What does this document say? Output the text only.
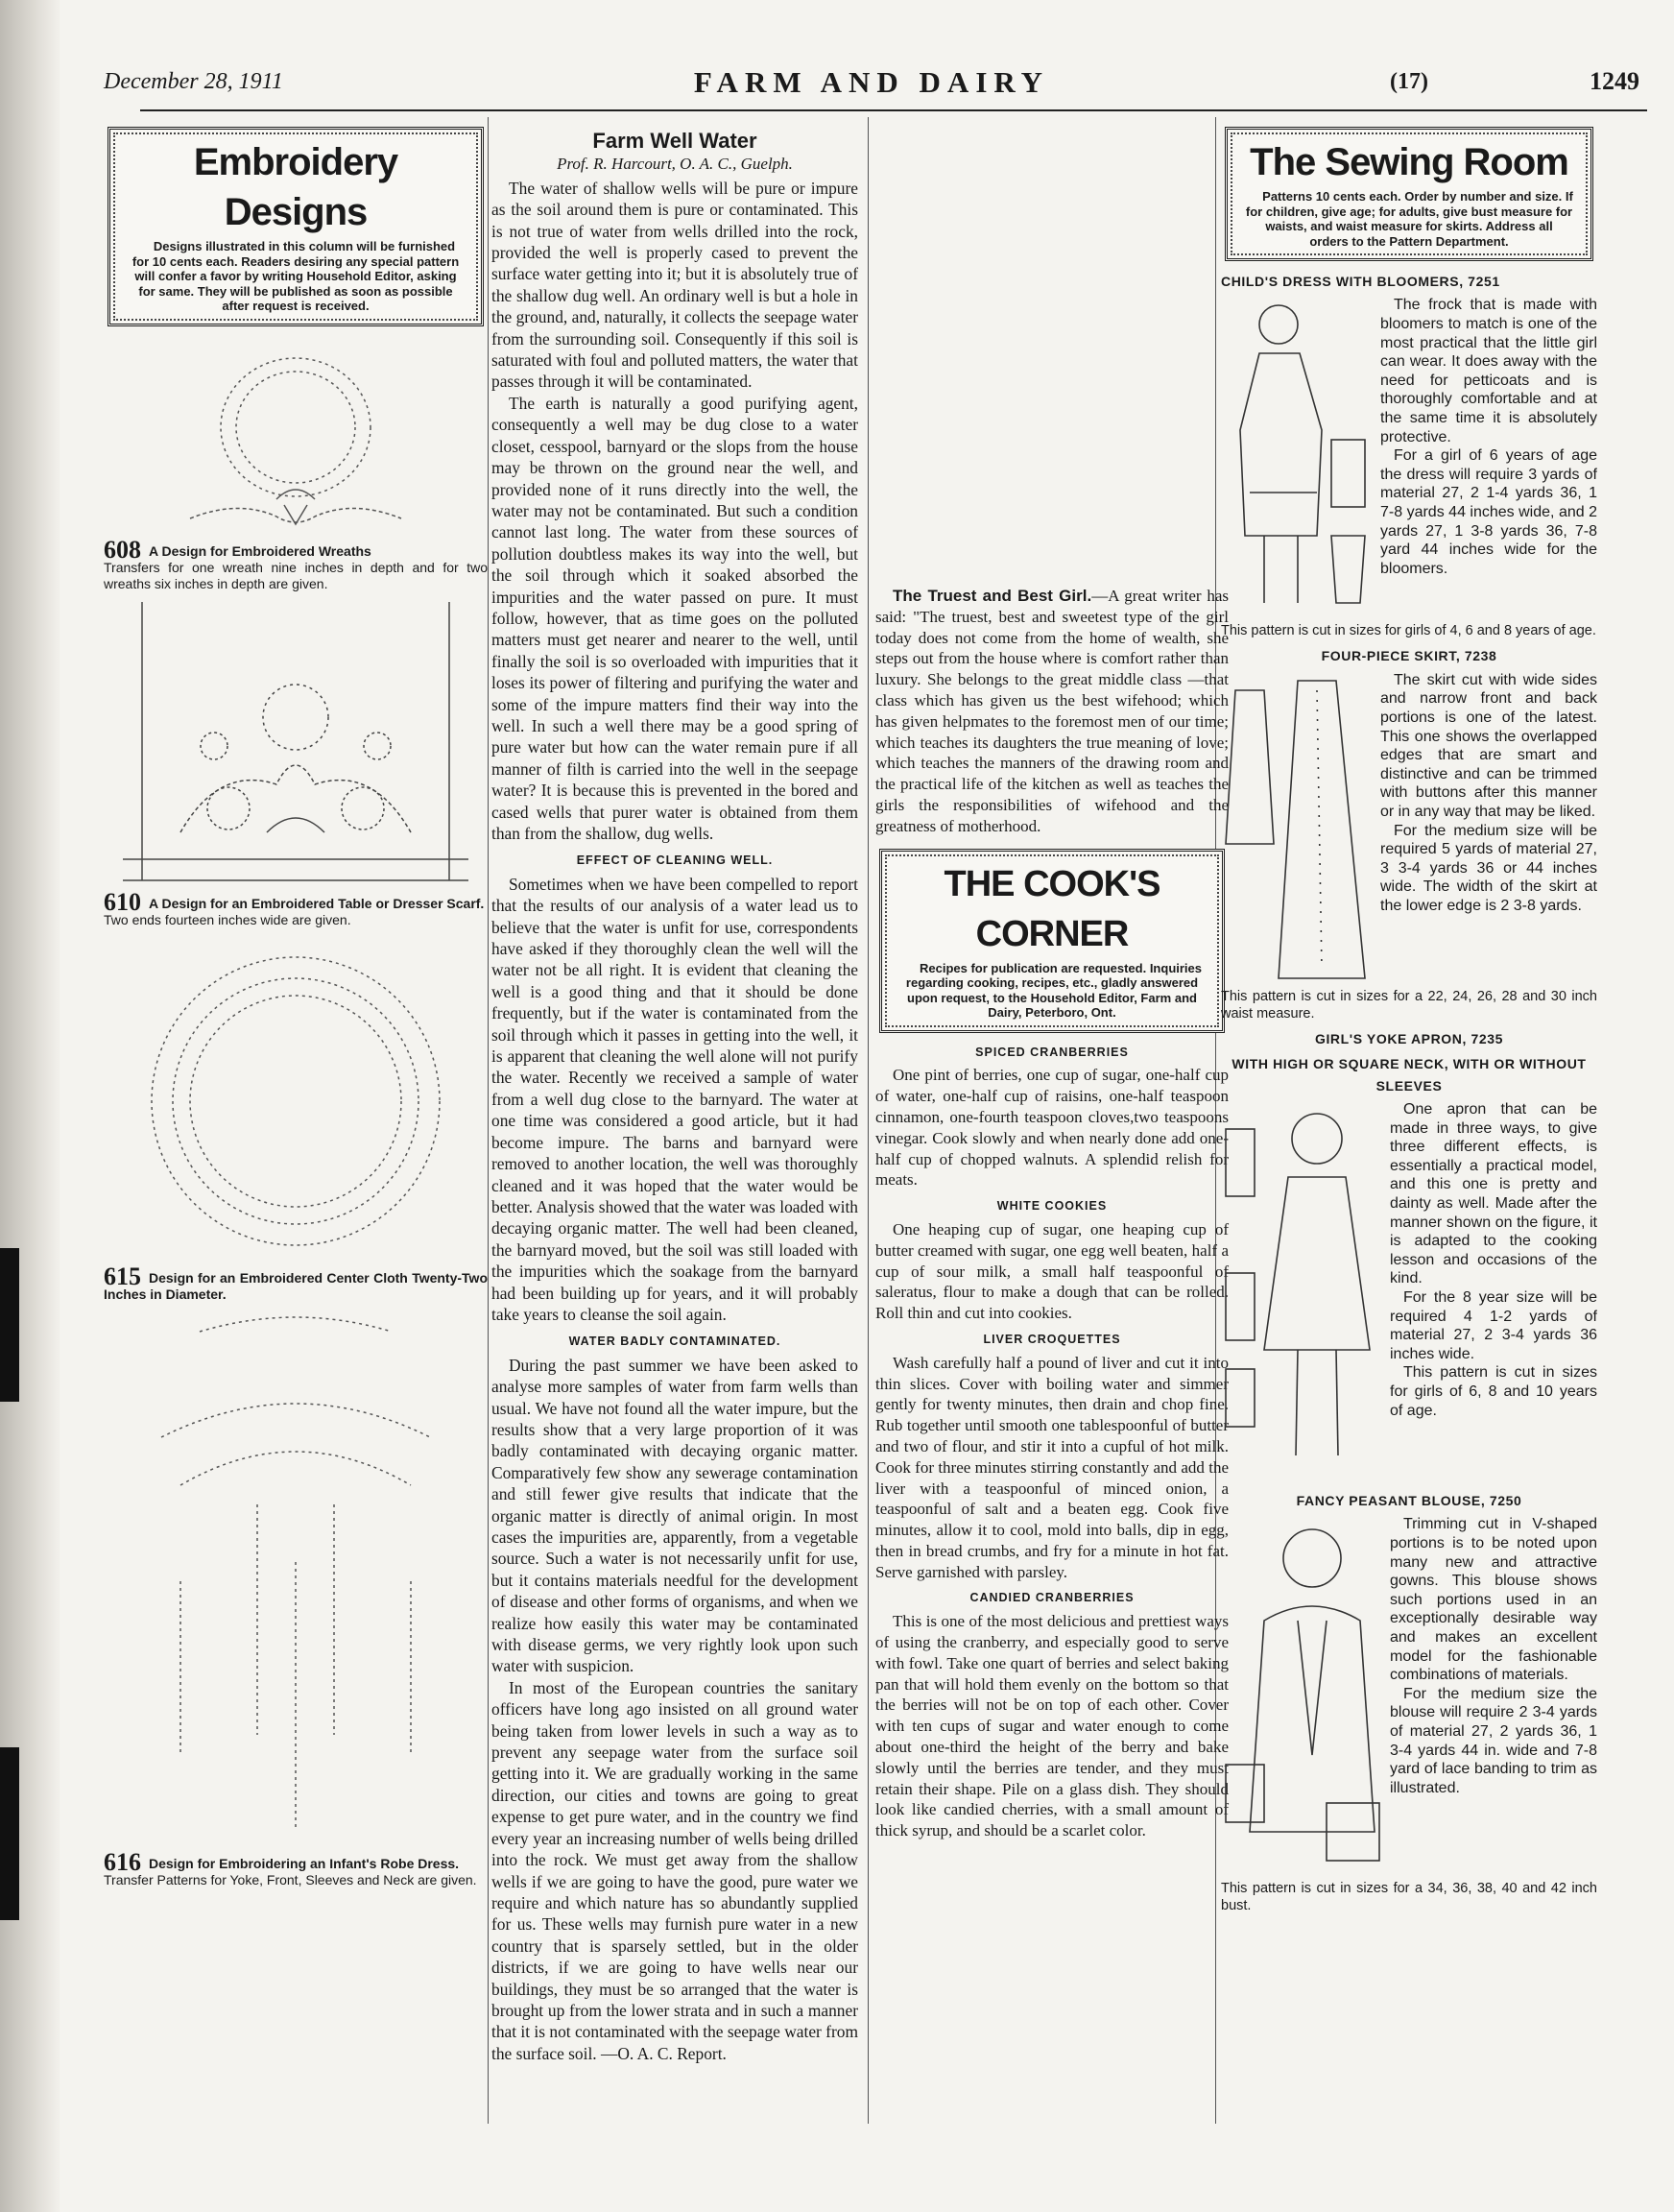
December 28, 1911	FARM AND DAIRY	(17)	1249
Embroidery Designs

Designs illustrated in this column will be furnished for 10 cents each. Readers desiring any special pattern will confer a favor by writing Household Editor, asking for same. They will be published as soon as possible after request is received.

608 A Design for Embroidered Wreaths
Transfers for one wreath nine inches in depth and for two wreaths six inches in depth are given.
610 A Design for an Embroidered Table or Dresser Scarf.
Two ends fourteen inches wide are given.
615 Design for an Embroidered Center Cloth Twenty-Two Inches in Diameter.
616 Design for Embroidering an Infant's Robe Dress.
Transfer Patterns for Yoke, Front, Sleeves and Neck are given.
Farm Well Water
Prof. R. Harcourt, O. A. C., Guelph.

The water of shallow wells will be pure or impure as the soil around them is pure or contaminated. This is not true of water from wells drilled into the rock, provided the well is properly cased to prevent the surface water getting into it; but it is absolutely true of the shallow dug well. An ordinary well is but a hole in the ground, and, naturally, it collects the seepage water from the surrounding soil. Consequently if this soil is saturated with foul and polluted matters, the water that passes through it will be contaminated.

The earth is naturally a good purifying agent, consequently a well may be dug close to a water closet, cesspool, barnyard or the slops from the house may be thrown on the ground near the well, and provided none of it runs directly into the well, the water may not be contaminated. But such a condition cannot last long. The water from these sources of pollution doubtless makes its way into the well, but the soil through which it soaked absorbed the impurities and the water passed on pure. It must follow, however, that as time goes on the polluted matters must get nearer and nearer to the well, until finally the soil is so overloaded with impurities that it loses its power of filtering and purifying the water and some of the impure matters find their way into the well. In such a well there may be a good spring of pure water but how can the water remain pure if all manner of filth is carried into the well in the seepage water? It is because this is prevented in the bored and cased wells that purer water is obtained from them than from the shallow, dug wells.

EFFECT OF CLEANING WELL.

Sometimes when we have been compelled to report that the results of our analysis of a water lead us to believe that the water is unfit for use, correspondents have asked if they thoroughly clean the well will the water not be all right. It is evident that cleaning the well is a good thing and that it should be done frequently, but if the water is contaminated from the soil through which it passes in getting into the well, it is apparent that cleaning the well alone will not purify the water. Recently we received a sample of water from a well dug close to the barnyard. The water at one time was considered a good article, but it had become impure. The barns and barnyard were removed to another location, the well was thoroughly cleaned and it was hoped that the water would be better. Analysis showed that the water was loaded with decaying organic matter. The well had been cleaned, the barnyard moved, but the soil was still loaded with the impurities which the soakage from the barnyard had been building up for years, and it will probably take years to cleanse the soil again.

WATER BADLY CONTAMINATED.

During the past summer we have been asked to analyse more samples of water from farm wells than usual. We have not found all the water impure, but the results show that a very large proportion of it was badly contaminated with decaying organic matter. Comparatively few show any sewerage contamination and still fewer give results that indicate that the organic matter is directly of animal origin. In most cases the impurities are, apparently, from a vegetable source. Such a water is not necessarily unfit for use, but it contains materials needful for the development of disease and other forms of organisms, and when we realize how easily this water may be contaminated with disease germs, we very rightly look upon such water with suspicion.

In most of the European countries the sanitary officers have long ago insisted on all ground water being taken from lower levels in such a way as to prevent any seepage water from the surface soil getting into it. We are gradually working in the same direction, our cities and towns are going to great expense to get pure water, and in the country we find every year an increasing number of wells being drilled into the rock. We must get away from the shallow wells if we are going to have the good, pure water we require and which nature has so abundantly supplied for us. These wells may furnish pure water in a new country that is sparsely settled, but in the older districts, if we are going to have wells near our buildings, they must be so arranged that the water is brought up from the lower strata and in such a manner that it is not contaminated with the seepage water from the surface soil. —O. A. C. Report.

The Truest and Best Girl.—A great writer has said: "The truest, best and sweetest type of the girl today does not come from the home of wealth, she steps out from the house where is comfort rather than luxury. She belongs to the great middle class —that class which has given us the best wifehood; which has given helpmates to the foremost men of our time; which teaches its daughters the true meaning of love; which teaches the manners of the drawing room and the practical life of the kitchen as well as teaches the girls the responsibilities of wifehood and the greatness of motherhood.

THE COOK'S CORNER

Recipes for publication are requested. Inquiries regarding cooking, recipes, etc., gladly answered upon request, to the Household Editor, Farm and Dairy, Peterboro, Ont.

SPICED CRANBERRIES

One pint of berries, one cup of sugar, one-half cup of water, one-half cup of raisins, one-half teaspoon cinnamon, one-fourth teaspoon cloves,two teaspoons vinegar. Cook slowly and when nearly done add one-half cup of chopped walnuts. A splendid relish for meats.

WHITE COOKIES

One heaping cup of sugar, one heaping cup of butter creamed with sugar, one egg well beaten, half a cup of sour milk, a small half teaspoonful of saleratus, flour to make a dough that can be rolled. Roll thin and cut into cookies.

LIVER CROQUETTES

Wash carefully half a pound of liver and cut it into thin slices. Cover with boiling water and simmer gently for twenty minutes, then drain and chop fine. Rub together until smooth one tablespoonful of butter and two of flour, and stir it into a cupful of hot milk. Cook for three minutes stirring constantly and add the liver with a teaspoonful of minced onion, a teaspoonful of salt and a beaten egg. Cook five minutes, allow it to cool, mold into balls, dip in egg, then in bread crumbs, and fry for a minute in hot fat. Serve garnished with parsley.

CANDIED CRANBERRIES

This is one of the most delicious and prettiest ways of using the cranberry, and especially good to serve with fowl. Take one quart of berries and select baking pan that will hold them evenly on the bottom so that the berries will not be on top of each other. Cover with ten cups of sugar and water enough to come about one-third the height of the berry and bake slowly until the berries are tender, and they must retain their shape. Pile on a glass dish. They should look like candied cherries, with a small amount of thick syrup, and should be a scarlet color.

The Sewing Room

Patterns 10 cents each. Order by number and size. If for children, give age; for adults, give bust measure for waists, and waist measure for skirts. Address all orders to the Pattern Department.

CHILD'S DRESS WITH BLOOMERS, 7251

The frock that is made with bloomers to match is one of the most practical that the little girl can wear. It does away with the need for petticoats and is thoroughly comfortable and at the same time it is absolutely protective.

For a girl of 6 years of age the dress will require 3 yards of material 27, 2 1-4 yards 36, 1 7-8 yards 44 inches wide, and 2 yards 27, 1 3-8 yards 36, 7-8 yard 44 inches wide for the bloomers.

This pattern is cut in sizes for girls of 4, 6 and 8 years of age.
FOUR-PIECE SKIRT, 7238

The skirt cut with wide sides and narrow front and back portions is one of the latest. This one shows the overlapped edges that are smart and distinctive and can be trimmed with buttons after this manner or in any way that may be liked.

For the medium size will be required 5 yards of material 27, 3 3-4 yards 36 or 44 inches wide. The width of the skirt at the lower edge is 2 3-8 yards.

This pattern is cut in sizes for a 22, 24, 26, 28 and 30 inch waist measure.
GIRL'S YOKE APRON, 7235
WITH HIGH OR SQUARE NECK, WITH OR WITHOUT SLEEVES

One apron that can be made in three ways, to give three different effects, is essentially a practical model, and this one is pretty and dainty as well. Made after the manner shown on the figure, it is adapted to the cooking lesson and occasions of the kind.

For the 8 year size will be required 4 1-2 yards of material 27, 2 3-4 yards 36 inches wide.

This pattern is cut in sizes for girls of 6, 8 and 10 years of age.

FANCY PEASANT BLOUSE, 7250

Trimming cut in V-shaped portions is to be noted upon many new and attractive gowns. This blouse shows such portions used in an exceptionally desirable way and makes an excellent model for the fashionable combinations of materials.

For the medium size the blouse will require 2 3-4 yards of material 27, 2 yards 36, 1 3-4 yards 44 in. wide and 7-8 yard of lace banding to trim as illustrated.

This pattern is cut in sizes for a 34, 36, 38, 40 and 42 inch bust.
